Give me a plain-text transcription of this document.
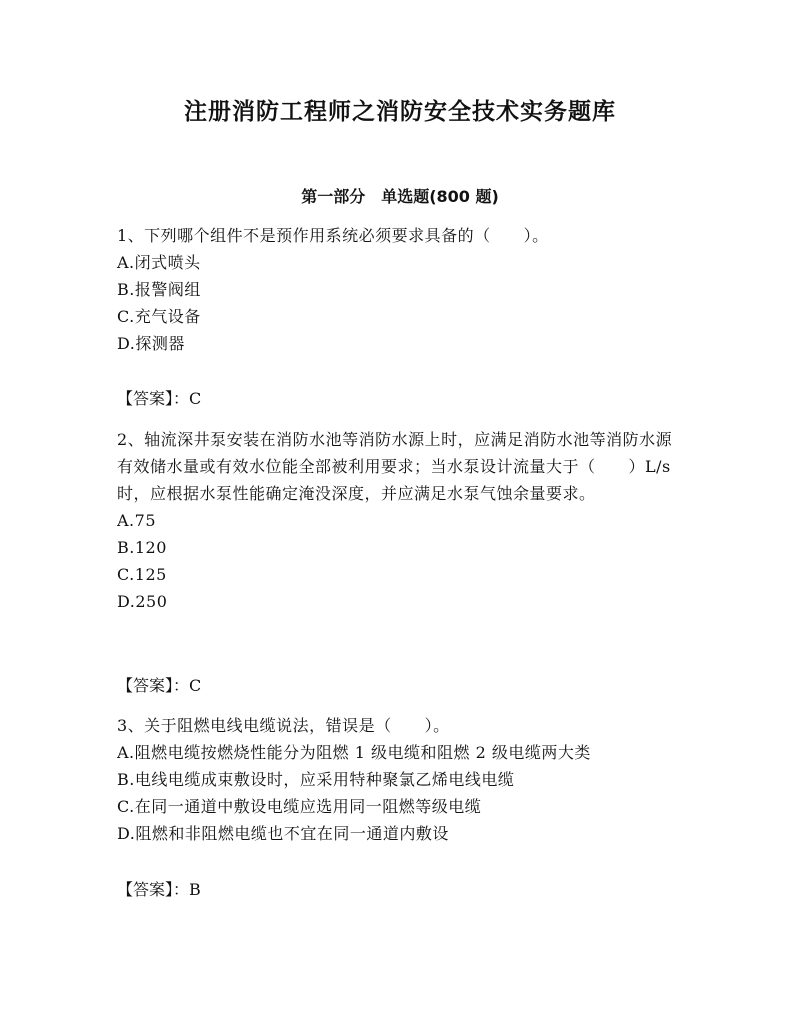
注册消防工程师之消防安全技术实务题库
第一部分　单选题(800 题)

1、下列哪个组件不是预作用系统必须要求具备的（　　）。

A.闭式喷头
B.报警阀组
C.充气设备
D.探测器

【答案】：C

2、轴流深井泵安装在消防水池等消防水源上时，应满足消防水池等消防水源有效储水量或有效水位能全部被利用要求；当水泵设计流量大于（　　）L/s 时，应根据水泵性能确定淹没深度，并应满足水泵气蚀余量要求。

A.75
B.120
C.125
D.250

【答案】：C

3、关于阻燃电线电缆说法，错误是（　　）。

A.阻燃电缆按燃烧性能分为阻燃 1 级电缆和阻燃 2 级电缆两大类
B.电线电缆成束敷设时，应采用特种聚氯乙烯电线电缆
C.在同一通道中敷设电缆应选用同一阻燃等级电缆
D.阻燃和非阻燃电缆也不宜在同一通道内敷设

【答案】：B
